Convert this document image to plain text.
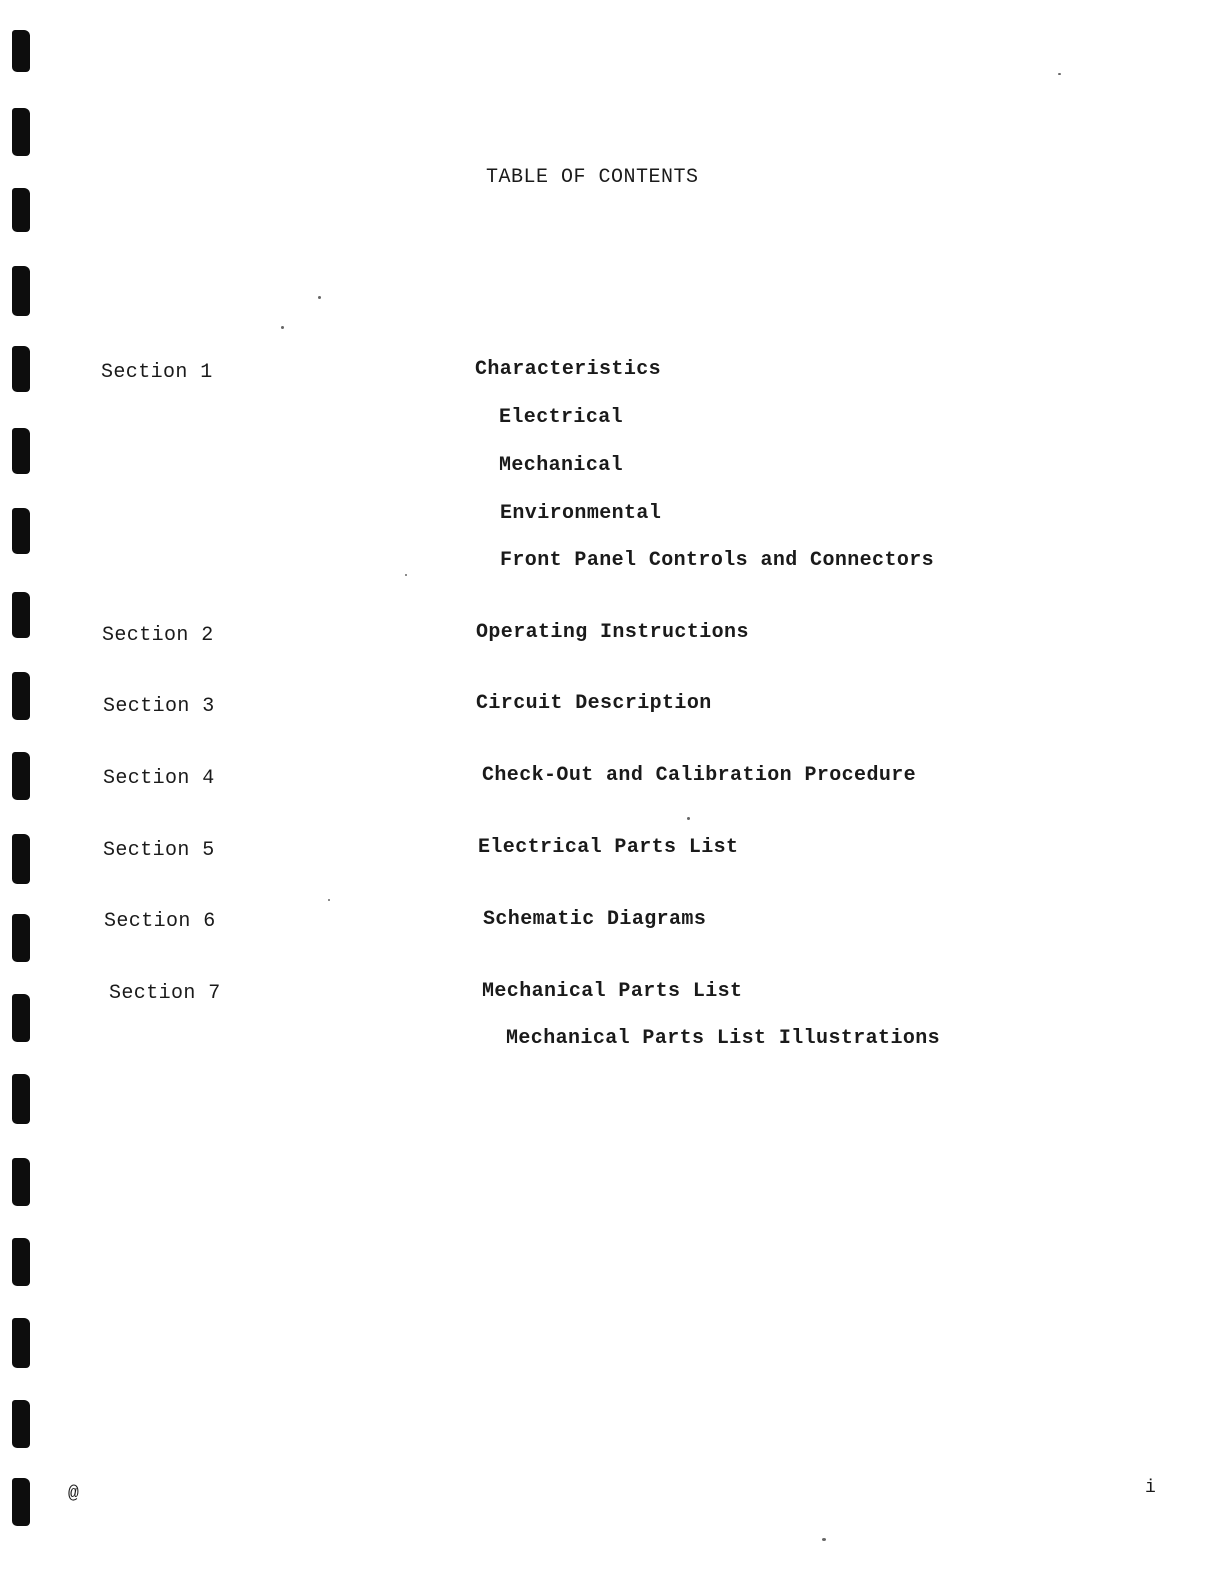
TABLE OF CONTENTS
Section 1	Characteristics
Electrical
Mechanical
Environmental
Front Panel Controls and Connectors
Section 2	Operating Instructions
Section 3	Circuit Description
Section 4	Check-Out and Calibration Procedure
Section 5	Electrical Parts List
Section 6	Schematic Diagrams
Section 7	Mechanical Parts List
Mechanical Parts List Illustrations
@	i
